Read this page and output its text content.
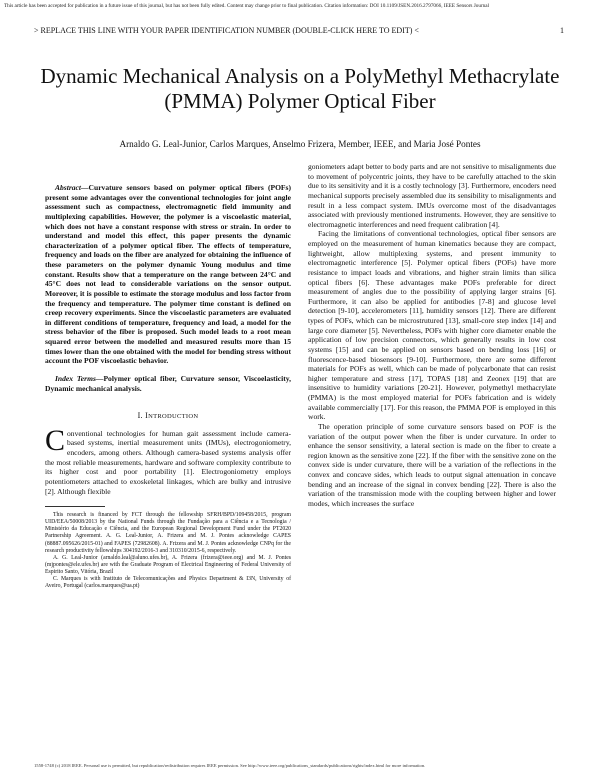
This article has been accepted for publication in a future issue of this journal, but has not been fully edited. Content may change prior to final publication. Citation information: DOI 10.1109/JSEN.2016.2797066, IEEE Sensors Journal
> REPLACE THIS LINE WITH YOUR PAPER IDENTIFICATION NUMBER (DOUBLE-CLICK HERE TO EDIT) <	1
Dynamic Mechanical Analysis on a PolyMethyl Methacrylate (PMMA) Polymer Optical Fiber
Arnaldo G. Leal-Junior, Carlos Marques, Anselmo Frizera, Member, IEEE, and Maria José Pontes

Abstract—Curvature sensors based on polymer optical fibers (POFs) present some advantages over the conventional technologies for joint angle assessment such as compactness, electromagnetic field immunity and multiplexing capabilities. However, the polymer is a viscoelastic material, which does not have a constant response with stress or strain. In order to understand and model this effect, this paper presents the dynamic characterization of a polymer optical fiber. The effects of temperature, frequency and loads on the fiber are analyzed for obtaining the influence of these parameters on the polymer dynamic Young modulus and time constant. Results show that a temperature on the range between 24°C and 45°C does not lead to considerable variations on the sensor output. Moreover, it is possible to estimate the storage modulus and loss factor from the frequency and temperature. The polymer time constant is defined on creep recovery experiments. Since the viscoelastic parameters are evaluated in different conditions of temperature, frequency and load, a model for the stress behavior of the fiber is proposed. Such model leads to a root mean squared error between the modelled and measured results more than 15 times lower than the one obtained with the model for bending stress without account the POF viscoelastic behavior.

Index Terms—Polymer optical fiber, Curvature sensor, Viscoelasticity, Dynamic mechanical analysis.

I. INTRODUCTION

Conventional technologies for human gait assessment include camera-based systems, inertial measurement units (IMUs), electrogoniometry, encoders, among others. Although camera-based systems analysis offer the most reliable measurements, hardware and software complexity contribute to its higher cost and poor portability [1]. Electrogoniometry employs potentiometers attached to exoskeletal linkages, which are bulky and intrusive [2]. Although flexible

This research is financed by FCT through the fellowship SFRH/BPD/109458/2015, program UID/EEA/50008/2013 by the National Funds through the Fundação para a Ciência e a Tecnologia / Ministério da Educação e Ciência, and the European Regional Development Fund under the PT2020 Partnership Agreement. A. G. Leal-Junior, A. Frizera and M. J. Pontes acknowledge CAPES (88887.095626/2015-01) and FAPES (72982608). A. Frizera and M. J. Pontes acknowledge CNPq for the research productivity fellowships 304192/2016-3 and 310310/2015-6, respectively.

A. G. Leal-Junior (arnaldo.leal@aluno.ufes.br), A. Frizera (frizera@ieee.org) and M. J. Pontes (mjpontes@ele.ufes.br) are with the Graduate Program of Electrical Engineering of Federal University of Espirito Santo, Vitória, Brazil

C. Marques is with Instituto de Telecomunicações and Physics Department & I3N, University of Aveiro, Portugal (carlos.marques@ua.pt)

goniometers adapt better to body parts and are not sensitive to misalignments due to movement of polycentric joints, they have to be carefully attached to the skin due to its sensitivity and it is a costly technology [3]. Furthermore, encoders need mechanical supports precisely assembled due its sensibility to misalignments and result in a less compact system. IMUs overcome most of the disadvantages associated with previously mentioned instruments. However, they are sensitive to electromagnetic interferences and need frequent calibration [4].

Facing the limitations of conventional technologies, optical fiber sensors are employed on the measurement of human kinematics because they are compact, lightweight, allow multiplexing systems, and present immunity to electromagnetic interference [5]. Polymer optical fibers (POFs) have more resistance to impact loads and vibrations, and higher strain limits than silica optical fibers [6]. These advantages make POFs preferable for direct measurement of angles due to the possibility of applying larger strains [6]. Furthermore, it can also be applied for antibodies [7-8] and glucose level detection [9-10], accelerometers [11], humidity sensors [12]. There are different types of POFs, which can be microstrutured [13], small-core step index [14] and large core diameter [5]. Nevertheless, POFs with higher core diameter enable the application of low precision connectors, which generally results in low cost systems [15] and can be applied on sensors based on bending loss [16] or fluorescence-based biosensors [9-10]. Furthermore, there are some different materials for POFs as well, which can be made of polycarbonate that can resist higher temperature and stress [17], TOPAS [18] and Zeonex [19] that are insensitive to humidity variations [20-21]. However, polymethyl methacrylate (PMMA) is the most employed material for POFs fabrication and is widely available commercially [17]. For this reason, the PMMA POF is employed in this work.

The operation principle of some curvature sensors based on POF is the variation of the output power when the fiber is under curvature. In order to enhance the sensor sensitivity, a lateral section is made on the fiber to create a region known as the sensitive zone [22]. If the fiber with the sensitive zone on the convex side is under curvature, there will be a variation of the reflections in the convex and concave sides, which leads to output signal attenuation in concave bending and an increase of the signal in convex bending [22]. There is also the variation of the transmission mode with the coupling between higher and lower modes, which increases the surface

1558-1748 (c) 2018 IEEE. Personal use is permitted, but republication/redistribution requires IEEE permission. See http://www.ieee.org/publications_standards/publications/rights/index.html for more information.
